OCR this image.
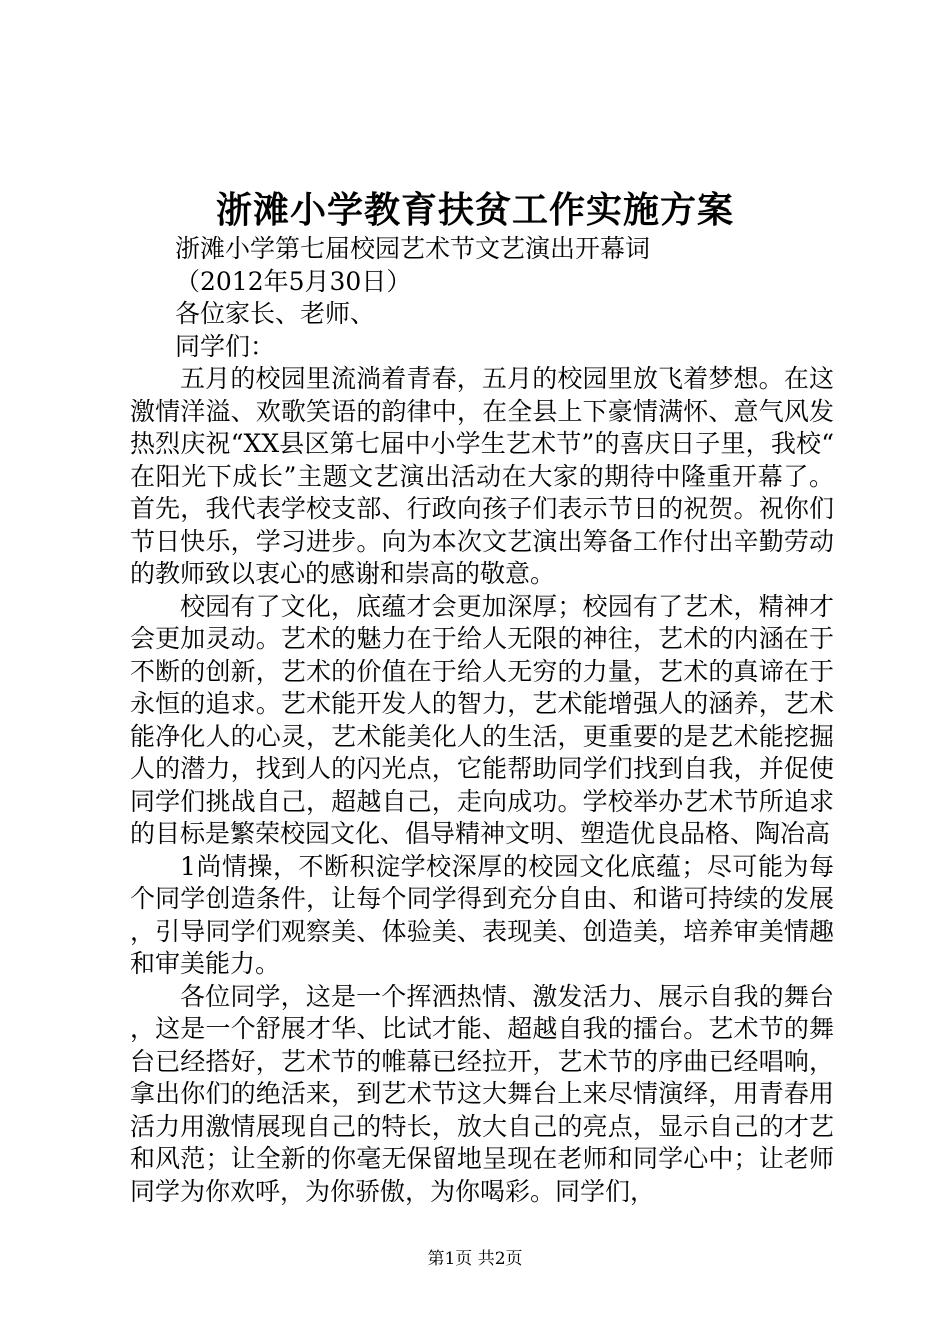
浙滩小学教育扶贫工作实施方案
浙滩小学第七届校园艺术节文艺演出开幕词
（2012年5月30日）
各位家长、老师、
同学们：

五月的校园里流淌着青春，五月的校园里放飞着梦想。在这激情洋溢、欢歌笑语的韵律中，在全县上下豪情满怀、意气风发热烈庆祝“XX县区第七届中小学生艺术节”的喜庆日子里，我校“在阳光下成长”主题文艺演出活动在大家的期待中隆重开幕了。首先，我代表学校支部、行政向孩子们表示节日的祝贺。祝你们节日快乐，学习进步。向为本次文艺演出筹备工作付出辛勤劳动的教师致以衷心的感谢和崇高的敬意。

校园有了文化，底蕴才会更加深厚；校园有了艺术，精神才会更加灵动。艺术的魅力在于给人无限的神往，艺术的内涵在于不断的创新，艺术的价值在于给人无穷的力量，艺术的真谛在于永恒的追求。艺术能开发人的智力，艺术能增强人的涵养，艺术能净化人的心灵，艺术能美化人的生活，更重要的是艺术能挖掘人的潜力，找到人的闪光点，它能帮助同学们找到自我，并促使同学们挑战自己，超越自己，走向成功。学校举办艺术节所追求的目标是繁荣校园文化、倡导精神文明、塑造优良品格、陶冶高

1尚情操，不断积淀学校深厚的校园文化底蕴；尽可能为每个同学创造条件，让每个同学得到充分自由、和谐可持续的发展，引导同学们观察美、体验美、表现美、创造美，培养审美情趣和审美能力。

各位同学，这是一个挥洒热情、激发活力、展示自我的舞台，这是一个舒展才华、比试才能、超越自我的擂台。艺术节的舞台已经搭好，艺术节的帷幕已经拉开，艺术节的序曲已经唱响，拿出你们的绝活来，到艺术节这大舞台上来尽情演绎，用青春用活力用激情展现自己的特长，放大自己的亮点，显示自己的才艺和风范；让全新的你毫无保留地呈现在老师和同学心中；让老师同学为你欢呼，为你骄傲，为你喝彩。同学们，

第1页 共2页
